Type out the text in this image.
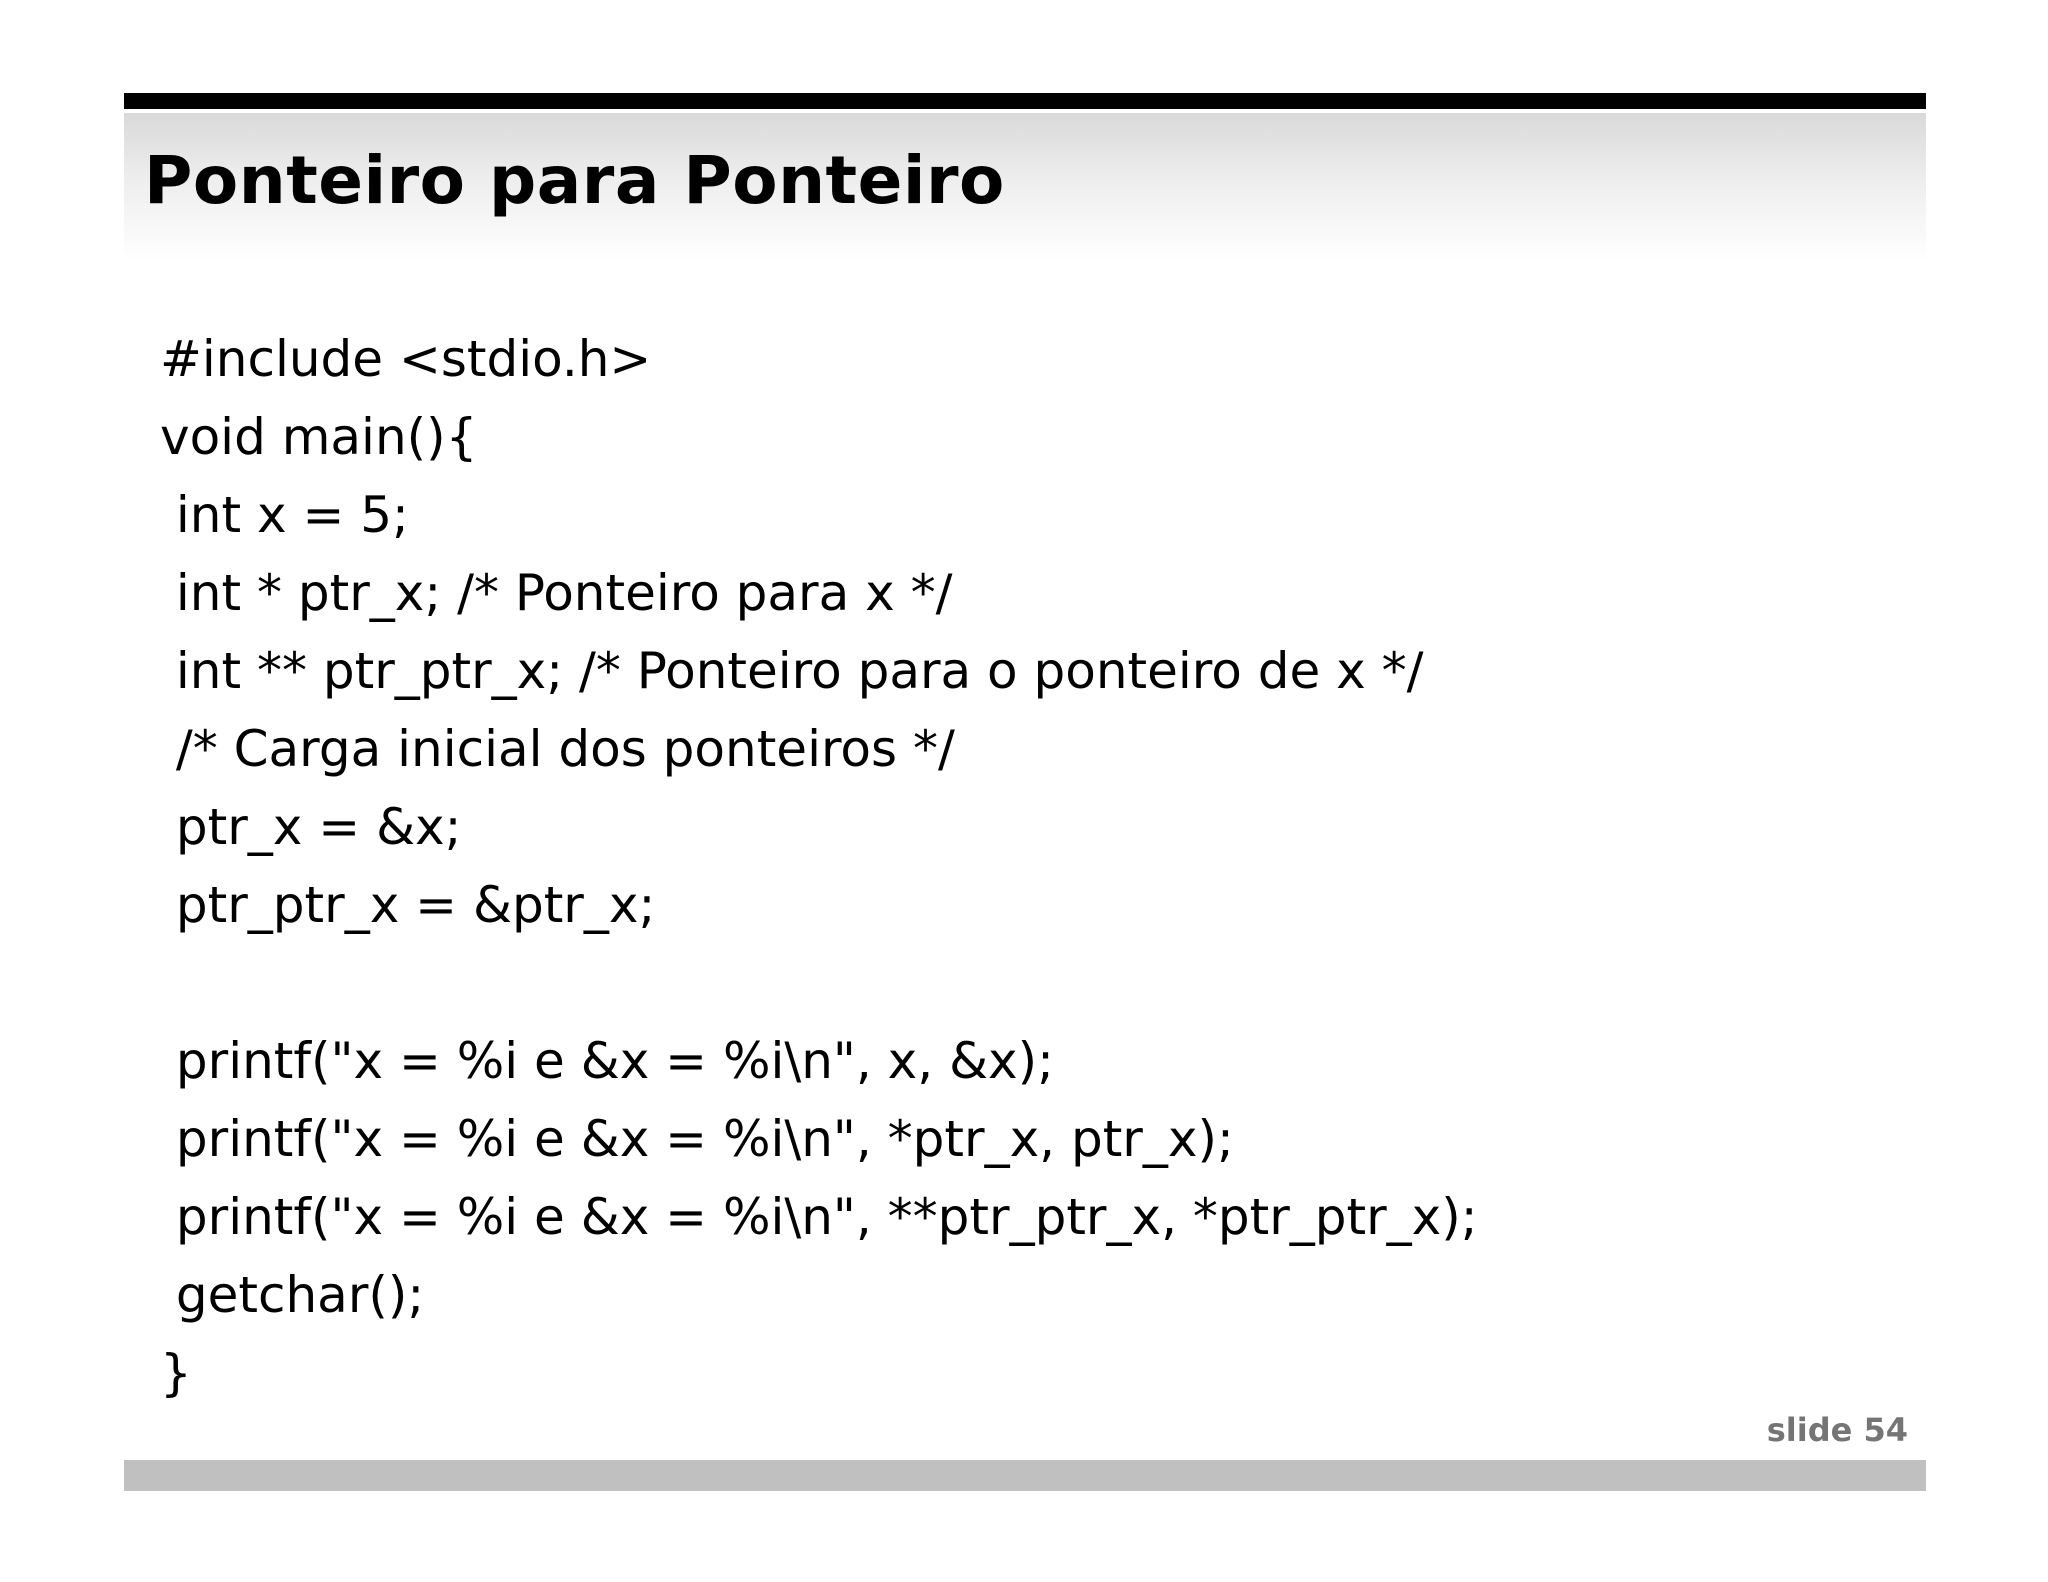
Ponteiro para Ponteiro
#include <stdio.h>
void main(){
int x = 5;
int * ptr_x; /* Ponteiro para x */
int ** ptr_ptr_x; /* Ponteiro para o ponteiro de x */
/* Carga inicial dos ponteiros */
ptr_x = &x;
ptr_ptr_x = &ptr_x;
printf("x = %i e &x = %i\n", x, &x);
printf("x = %i e &x = %i\n", *ptr_x, ptr_x);
printf("x = %i e &x = %i\n", **ptr_ptr_x, *ptr_ptr_x);
getchar();
}
slide 54
